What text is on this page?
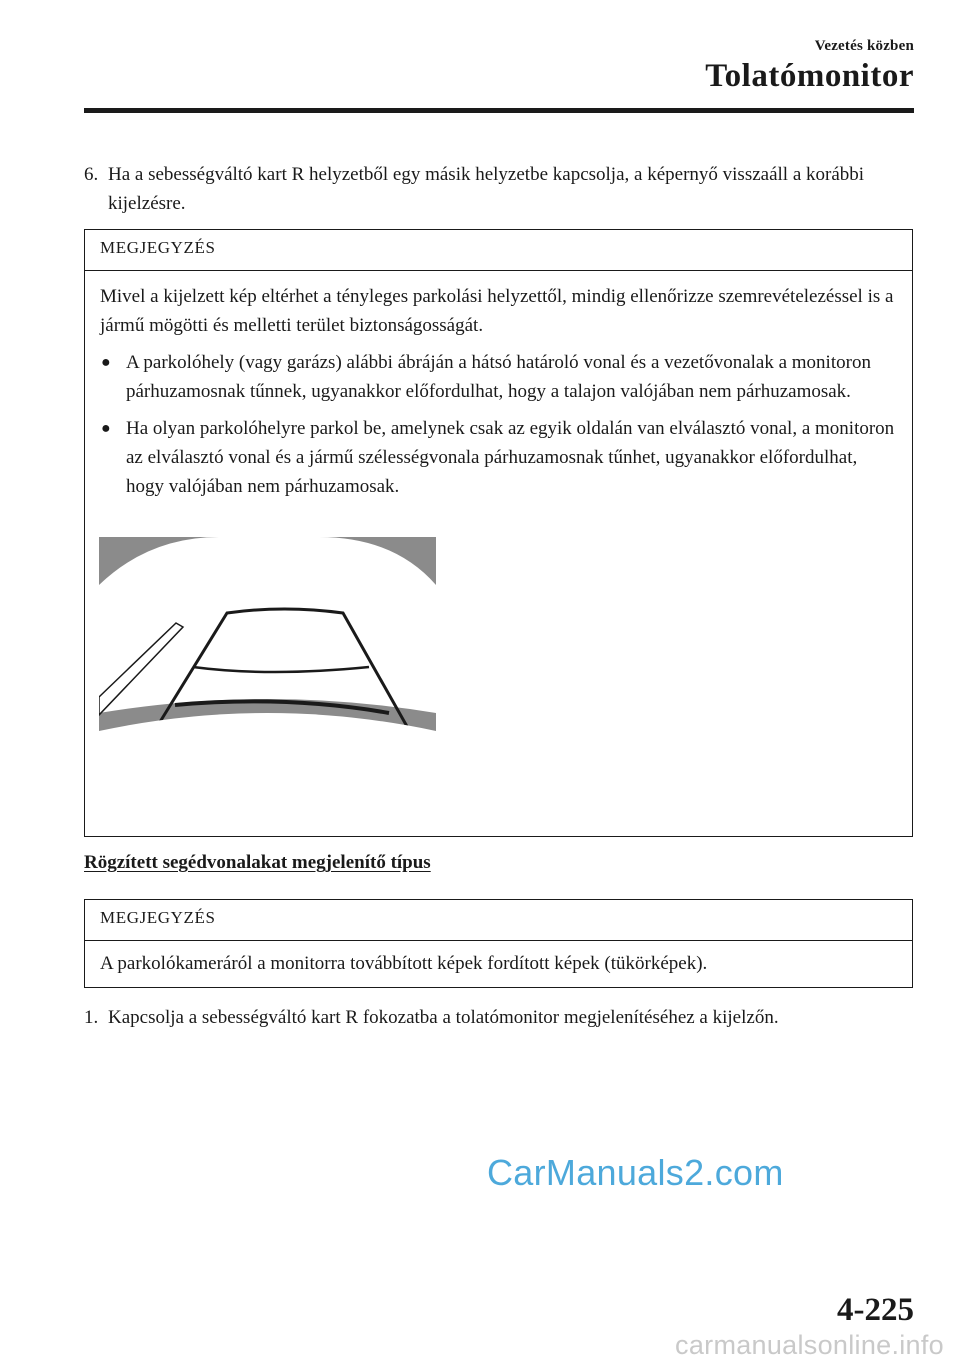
Vezetés közben
Tolatómonitor
6. Ha a sebességváltó kart R helyzetből egy másik helyzetbe kapcsolja, a képernyő visszaáll a korábbi kijelzésre.
MEGJEGYZÉS
Mivel a kijelzett kép eltérhet a tényleges parkolási helyzettől, mindig ellenőrizze szemrevételezéssel is a jármű mögötti és melletti terület biztonságosságát.
● A parkolóhely (vagy garázs) alábbi ábráján a hátsó határoló vonal és a vezetővonalak a monitoron párhuzamosnak tűnnek, ugyanakkor előfordulhat, hogy a talajon valójában nem párhuzamosak.
● Ha olyan parkolóhelyre parkol be, amelynek csak az egyik oldalán van elválasztó vonal, a monitoron az elválasztó vonal és a jármű szélességvonala párhuzamosnak tűnhet, ugyanakkor előfordulhat, hogy valójában nem párhuzamosak.
A biztonság érdekében ellenőrizze a környezetet
Rögzített segédvonalakat megjelenítő típus
MEGJEGYZÉS
A parkolókameráról a monitorra továbbított képek fordított képek (tükörképek).
1. Kapcsolja a sebességváltó kart R fokozatba a tolatómonitor megjelenítéséhez a kijelzőn.
CarManuals2.com
4-225
carmanualsonline.info
